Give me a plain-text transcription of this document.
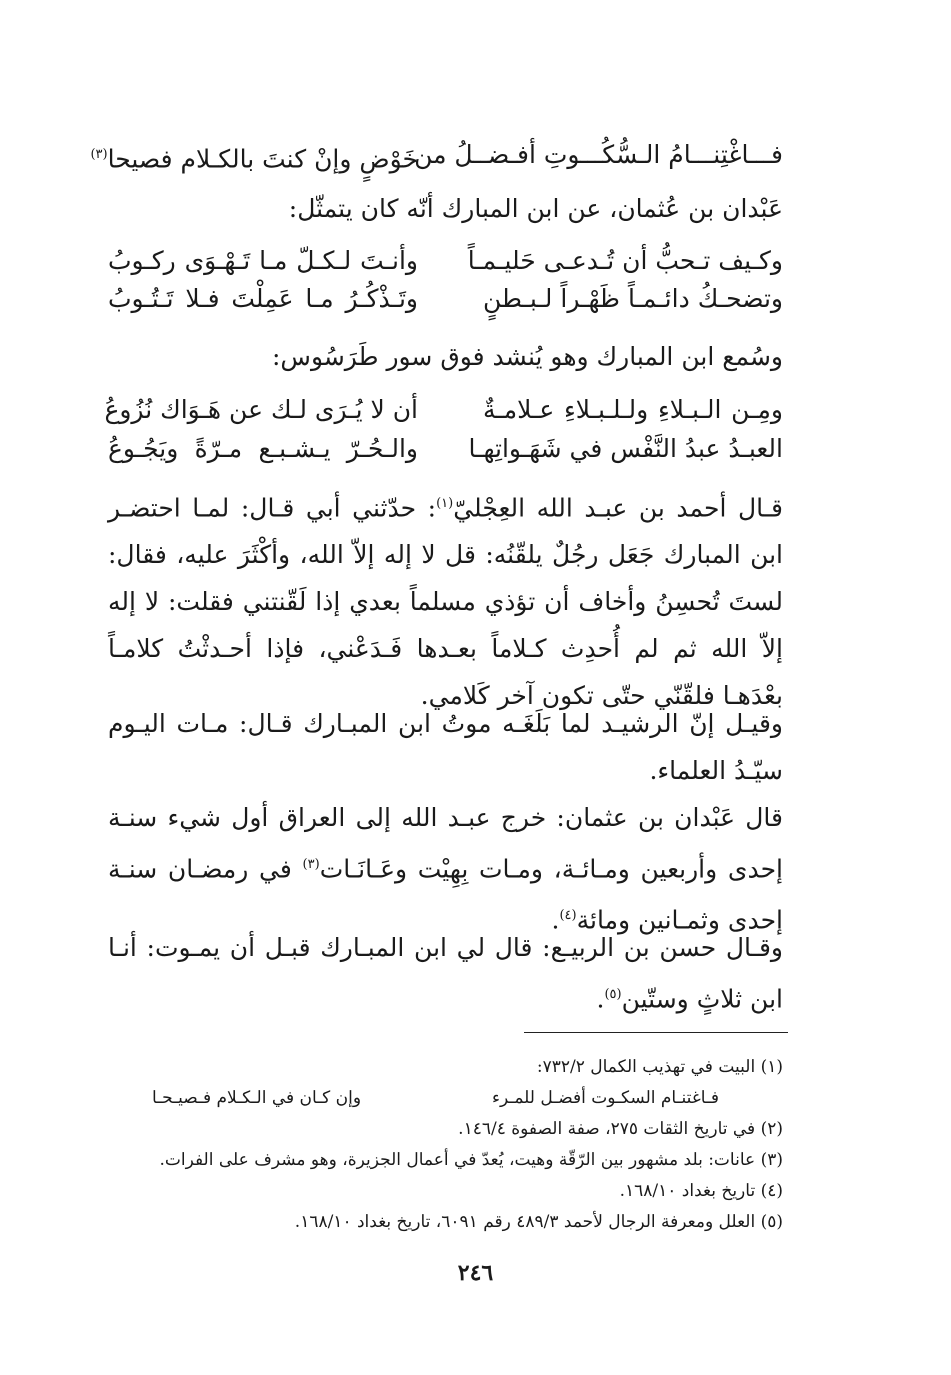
فـــاغْتِنـــامُ الـسُّكُـــوتِ أفـضــلُ من
خَوْضٍ وإنْ كنتَ بالكـلام فصيحا$^{(٣)}$
عَبْدان بن عُثمان، عن ابن المبارك أنّه كان يتمثّل:
وكـيف تـحبُّ أن تُـدعـى حَليـمـاً
وأنـتَ لـكـلّ مـا تَـهْـوَى ركـوبُ
وتضحـكُ دائـمـاً ظَهْـراً لـبـطنٍ
وتَـذْكُـرُ مـا عَمِلْتَ فـلا تَـتُـوبُ
وسُمع ابن المبارك وهو يُنشد فوق سور طَرَسُوس:
ومِـن الـبـلاءِ ولـلـبـلاءِ عـلامـةٌ
أن لا يُـرَى لـك عن هَـوَاك نُزُوعُ
العبـدُ عبدُ النَّفْس في شَهَـواتِهـا
والـحُـرّ يـشـبـع مـرّةً ويَجُـوعُ
قـال أحمد بن عبـد الله العِجْليّ$^{(١)}$: حدّثني أبي قـال: لمـا احتضـر ابن المبارك جَعَل رجُلٌ يلقّنُه: قل لا إله إلاّ الله، وأكْثَرَ عليه، فقال: لستَ تُحسِنُ وأخاف أن تؤذي مسلماً بعدي إذا لَقّنتني فقلت: لا إله إلاّ الله ثم لم أُحدِث كـلاماً بعـدها فَـدَعْني، فإذا أحـدثْتُ كلامـاً بعْدَهـا فلقّنّي حتّى تكون آخر كَلامي.
وقيـل إنّ الرشيـد لما بَلَغَـه موتُ ابن المبـارك قـال: مـات اليـوم سيّـدُ العلماء.
قال عَبْدان بن عثمان: خرج عبـد الله إلى العراق أول شيء سنـة إحدى وأربعين ومـائـة، ومـات بِهِيْت وعَـانَـات$^{(٣)}$ في رمضـان سنـة إحدى وثمـانين ومائة$^{(٤)}$.
وقـال حسن بن الربيـع: قال لي ابن المبـارك قبـل أن يمـوت: أنـا ابن ثلاثٍ وستّين$^{(٥)}$.
(١) البيت في تهذيب الكمال ٧٣٢/٢:
فـاغتنـام السكـوت أفضـل للمـرء
وإن كـان في الـكـلام فـصيـحـا
(٢) في تاريخ الثقات ٢٧٥، صفة الصفوة ١٤٦/٤.
(٣) عانات: بلد مشهور بين الرّقّة وهيت، يُعدّ في أعمال الجزيرة، وهو مشرف على الفرات.
(٤) تاريخ بغداد ١٦٨/١٠.
(٥) العلل ومعرفة الرجال لأحمد ٤٨٩/٣ رقم ٦٠٩١، تاريخ بغداد ١٦٨/١٠.
٢٤٦
